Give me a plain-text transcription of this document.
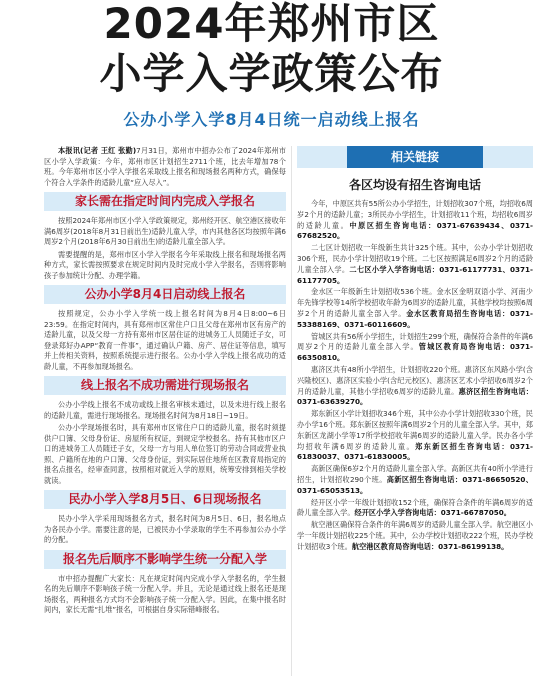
2024年郑州市区
小学入学政策公布
公办小学入学8月4日统一启动线上报名

本报讯(记者 王红 张勤)7月31日，郑州市中招办公布了2024年郑州市区小学入学政策：今年，郑州市区计划招生2711个班，比去年增加78个班。今年郑州市区小学入学报名采取线上报名和现场报名两种方式，确保每个符合入学条件的适龄儿童“应入尽入”。

家长需在指定时间内完成入学报名

按照2024年郑州市区小学入学政策规定，郑州经开区、航空港区接收年满6周岁(2018年8月31日前出生)适龄儿童入学，市内其他各区均按照年满6周岁2个月(2018年6月30日前出生)的适龄儿童全部入学。

需要提醒的是，郑州市区小学入学报名今年采取线上报名和现场报名两种方式，家长需按照要求在规定时间内及时完成小学入学报名，否则将影响孩子参加统计分配、办理学籍。

公办小学8月4日启动线上报名

按照规定，公办小学入学统一线上报名时间为8月4日8:00~6日23:59。在指定时间内，具有郑州市区常住户口且父母在郑州市区有房产的适龄儿童，以及父母一方持有郑州市区居住证的进城务工人员随迁子女，可登录郑好办APP“教育一件事”，通过确认户籍、房产、居住证等信息，填写并上传相关资料，按照系统提示进行报名。公办小学入学线上报名成功的适龄儿童，不再参加现场报名。

线上报名不成功需进行现场报名

公办小学线上报名不成功或线上报名审核未通过，以及未进行线上报名的适龄儿童，需进行现场报名。现场报名时间为8月18日~19日。

公办小学现场报名时，具有郑州市区常住户口的适龄儿童，报名时须提供户口簿、父母身份证、房屋所有权证，到规定学校报名。持有其他市区户口的进城务工人员随迁子女，父母一方与用人单位签订的劳动合同或营业执照、户籍所在地的户口簿、父母身份证，到实际居住地所在区教育局指定的报名点报名，经审查同意，按照相对就近入学的原则，统筹安排到相关学校就读。

民办小学入学8月5日、6日现场报名

民办小学入学采用现场报名方式，报名时间为8月5日、6日，报名地点为各民办小学。需要注意的是，已被民办小学录取的学生不再参加公办小学的分配。

报名先后顺序不影响学生统一分配入学

市中招办提醒广大家长：凡在规定时间内完成小学入学报名的，学生报名的先后顺序不影响孩子统一分配入学。并且，无论是通过线上报名还是现场报名，两种报名方式均不会影响孩子统一分配入学。因此，在集中报名时间内，家长无需“扎堆”报名，可根据自身实际错峰报名。

相关链接
各区均设有招生咨询电话

今年，中原区共有55所公办小学招生，计划招收307个班，均招收6周岁2个月的适龄儿童；3所民办小学招生，计划招收11个班，均招收6周岁的适龄儿童。中原区招生咨询电话：0371-67639434、0371-67682520。

二七区计划招收一年级新生共计325个班。其中，公办小学计划招收306个班，民办小学计划招收19个班。二七区按照满足6周岁2个月的适龄儿童全部入学。二七区小学入学咨询电话：0371-61177731、0371-61177705。

金水区一年级新生计划招收536个班。金水区金明双语小学、河南少年先锋学校等14所学校招收年龄为6周岁的适龄儿童，其他学校均按照6周岁2个月的适龄儿童全部入学。金水区教育局招生咨询电话：0371-53388169、0371-60116609。

管城区共有56所小学招生，计划招生299个班，确保符合条件的年满6周岁2个月的适龄儿童全部入学。管城区教育局咨询电话：0371-66350810。

惠济区共有48所小学招生，计划招收220个班。惠济区东风路小学(含兴隆校区)、惠济区实验小学(含纪元校区)、惠济区艺术小学招收6周岁2个月的适龄儿童，其他小学招收6周岁的适龄儿童。惠济区招生咨询电话：0371-63639270。

郑东新区小学计划招收346个班，其中公办小学计划招收330个班，民办小学16个班。郑东新区按照年满6周岁2个月的儿童全部入学。其中，郑东新区龙湖小学等17所学校招收年满6周岁的适龄儿童入学。民办各小学均招收年满6周岁的适龄儿童。郑东新区招生咨询电话：0371-61830037、0371-61830005。

高新区确保6岁2个月的适龄儿童全部入学。高新区共有40所小学进行招生，计划招收290个班。高新区招生咨询电话：0371-86650520、0371-65053513。

经开区小学一年级计划招收152个班，确保符合条件的年满6周岁的适龄儿童全部入学。经开区小学入学咨询电话：0371-66787050。

航空港区确保符合条件的年满6周岁的适龄儿童全部入学。航空港区小学一年级计划招收225个班。其中，公办学校计划招收222个班，民办学校计划招收3个班。航空港区教育局咨询电话：0371-86199138。
